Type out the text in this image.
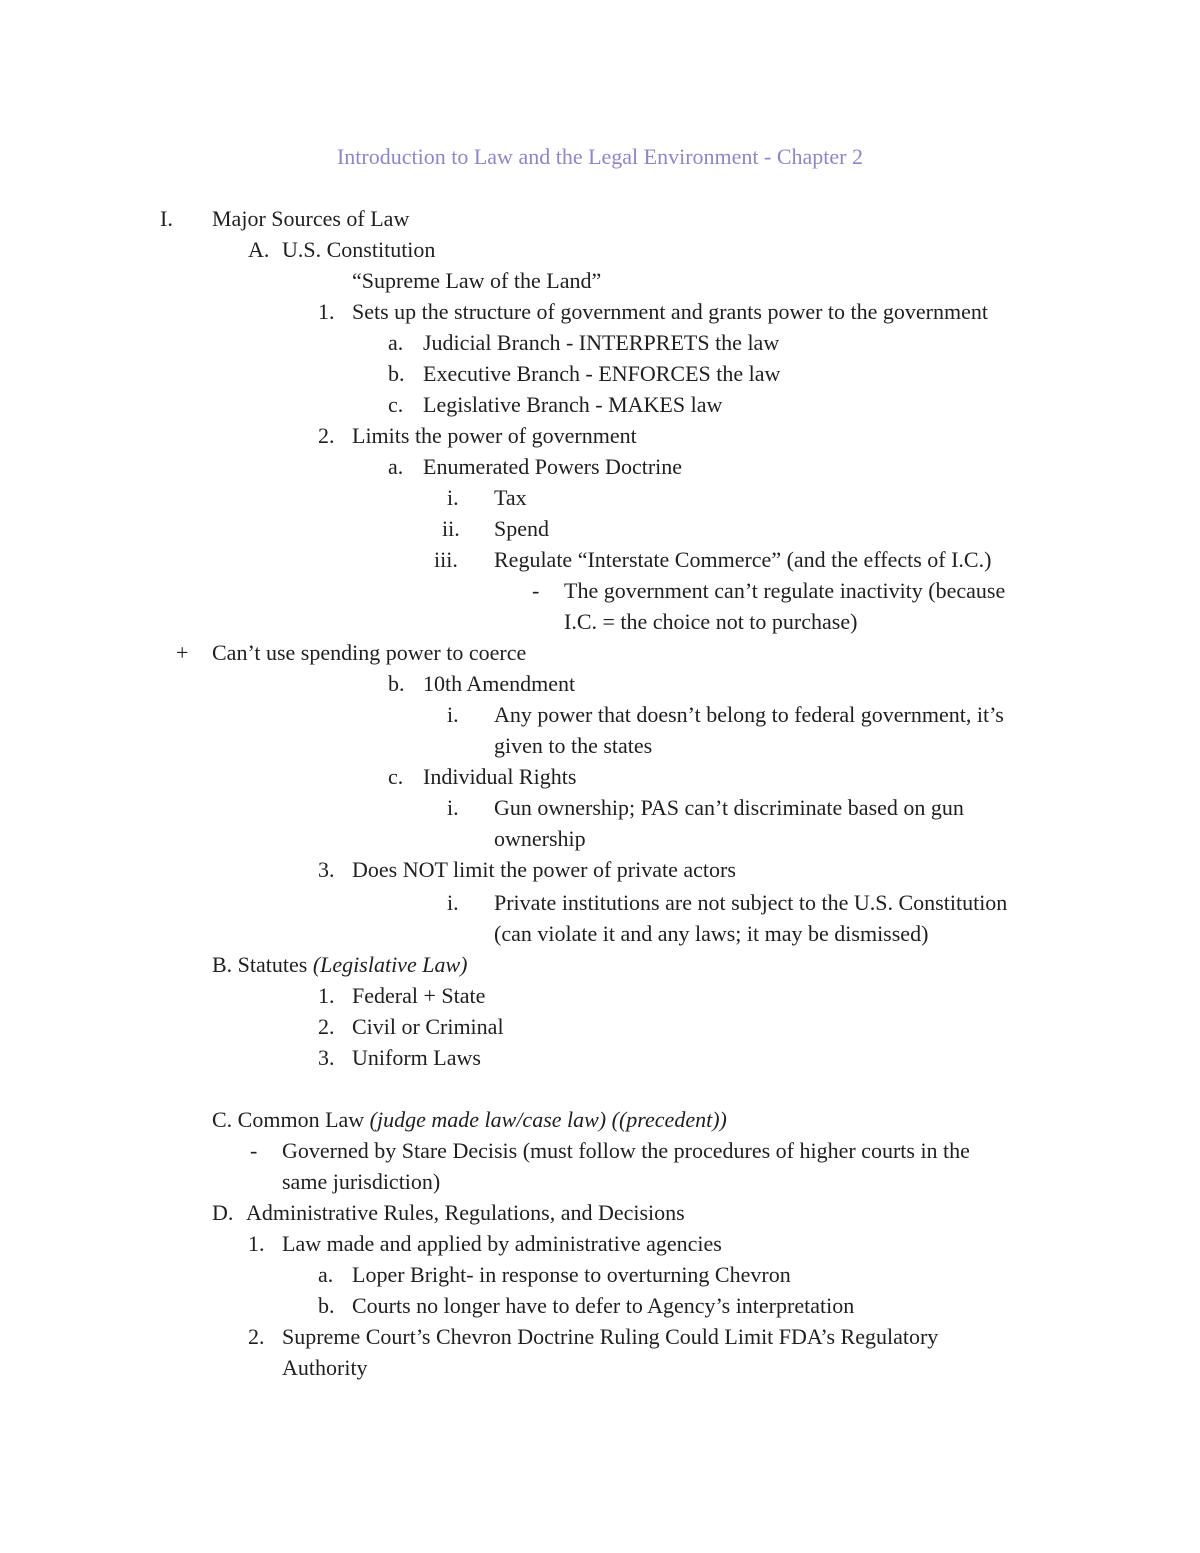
Introduction to Law and the Legal Environment - Chapter 2
I. Major Sources of Law
A. U.S. Constitution
“Supreme Law of the Land”
1. Sets up the structure of government and grants power to the government
a. Judicial Branch - INTERPRETS the law
b. Executive Branch - ENFORCES the law
c. Legislative Branch - MAKES law
2. Limits the power of government
a. Enumerated Powers Doctrine
i. Tax
ii. Spend
iii. Regulate “Interstate Commerce” (and the effects of I.C.)
- The government can’t regulate inactivity (because
I.C. = the choice not to purchase)
+ Can’t use spending power to coerce
b. 10th Amendment
i. Any power that doesn’t belong to federal government, it’s
given to the states
c. Individual Rights
i. Gun ownership; PAS can’t discriminate based on gun
ownership
3. Does NOT limit the power of private actors
i. Private institutions are not subject to the U.S. Constitution
(can violate it and any laws; it may be dismissed)
B. Statutes (Legislative Law)
1. Federal + State
2. Civil or Criminal
3. Uniform Laws
C. Common Law (judge made law/case law) ((precedent))
- Governed by Stare Decisis (must follow the procedures of higher courts in the
same jurisdiction)
D. Administrative Rules, Regulations, and Decisions
1. Law made and applied by administrative agencies
a. Loper Bright- in response to overturning Chevron
b. Courts no longer have to defer to Agency’s interpretation
2. Supreme Court’s Chevron Doctrine Ruling Could Limit FDA’s Regulatory
Authority
